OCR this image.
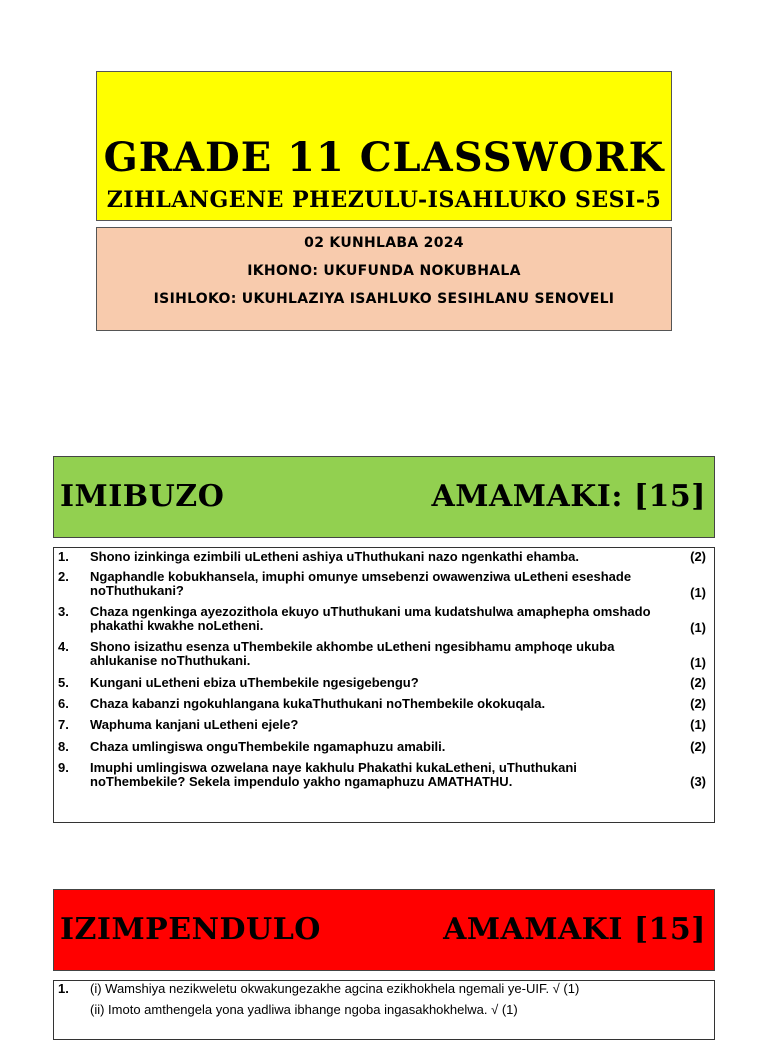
GRADE 11 CLASSWORK
ZIHLANGENE PHEZULU-ISAHLUKO SESI-5
02 KUNHLABA 2024
IKHONO: UKUFUNDA NOKUBHALA
ISIHLOKO: UKUHLAZIYA ISAHLUKO SESIHLANU SENOVELI
IMIBUZO	AMAMAKI: [15]
1.	Shono izinkinga ezimbili uLetheni ashiya uThuthukani nazo ngenkathi ehamba.	(2)
2.	Ngaphandle kobukhansela, imuphi omunye umsebenzi owawenziwa uLetheni eseshade noThuthukani?	(1)
3.	Chaza ngenkinga ayezozithola ekuyo uThuthukani uma kudatshulwa amaphepha omshado phakathi kwakhe noLetheni.	(1)
4.	Shono isizathu esenza uThembekile akhombe uLetheni ngesibhamu amphoqe ukuba ahlukanise noThuthukani.	(1)
5.	Kungani uLetheni ebiza uThembekile ngesigebengu?	(2)
6.	Chaza kabanzi ngokuhlangana kukaThuthukani noThembekile okokuqala.	(2)
7.	Waphuma kanjani uLetheni ejele?	(1)
8.	Chaza umlingiswa onguThembekile ngamaphuzu amabili.	(2)
9.	Imuphi umlingiswa ozwelana naye kakhulu Phakathi kukaLetheni, uThuthukani noThembekile? Sekela impendulo yakho ngamaphuzu AMATHATHU.	(3)
IZIMPENDULO	AMAMAKI [15]
1. (i) Wamshiya nezikweletu okwakungezakhe agcina ezikhokhela ngemali ye-UIF. √ (1)
(ii) Imoto amthengela yona yadliwa ibhange ngoba ingasakhokhelwa. √ (1)
